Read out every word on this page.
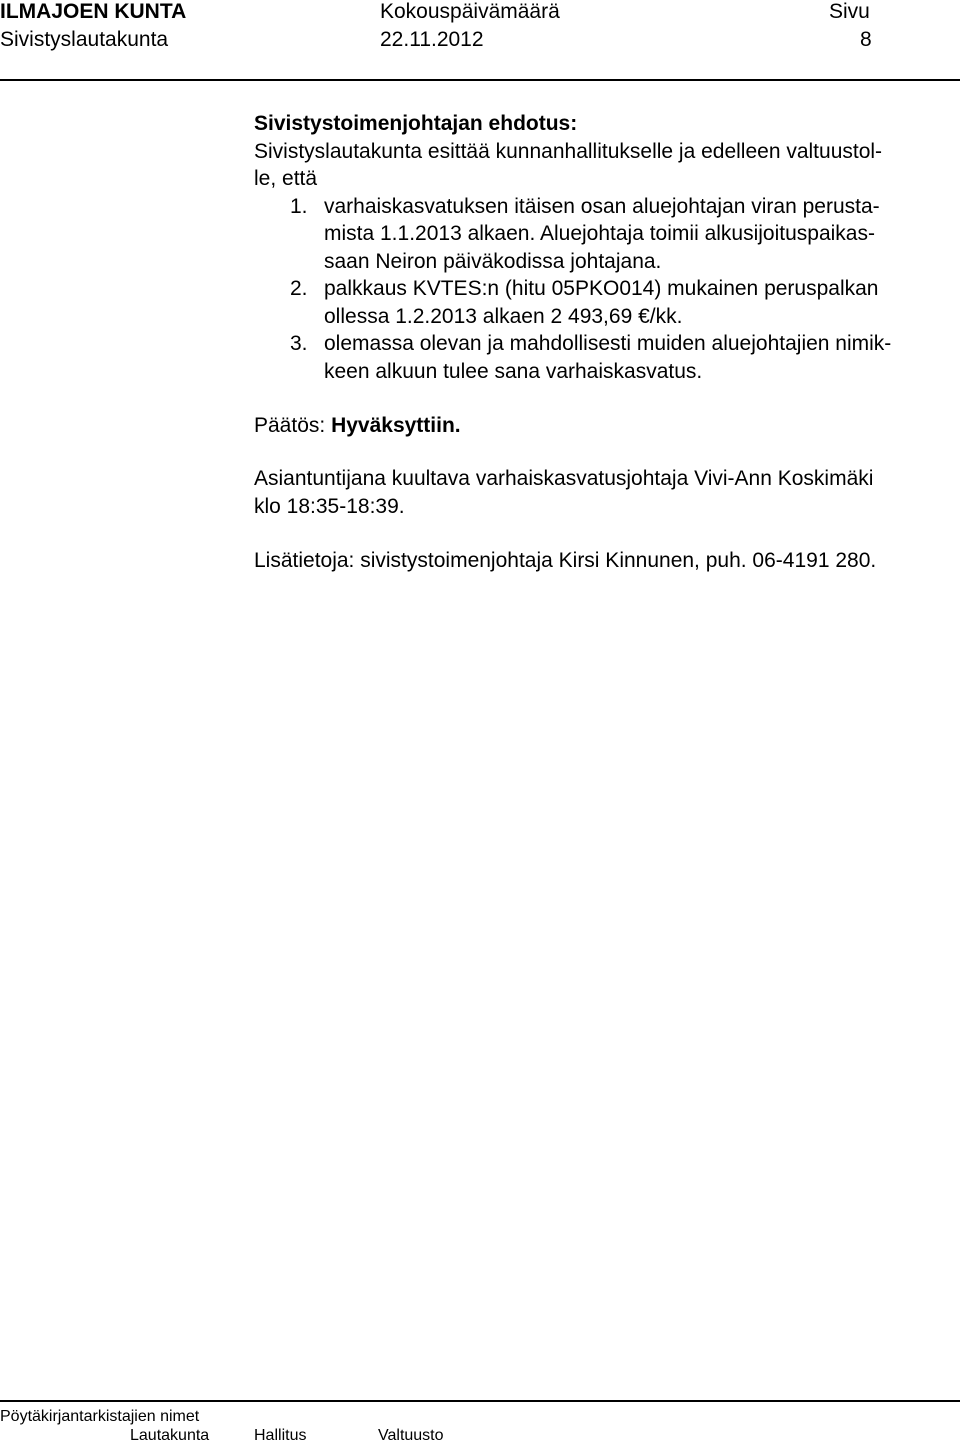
ILMAJOEN KUNTA
Sivistyslautakunta
Kokouspäivämäärä
22.11.2012
Sivu
8
Sivistystoimenjohtajan ehdotus:
Sivistyslautakunta esittää kunnanhallitukselle ja edelleen valtuustol-
le, että
1. varhaiskasvatuksen itäisen osan aluejohtajan viran perusta-
mista 1.1.2013 alkaen. Aluejohtaja toimii alkusijoituspaikas-
saan Neiron päiväkodissa johtajana.
2. palkkaus KVTES:n (hitu 05PKO014) mukainen peruspalkan
ollessa 1.2.2013 alkaen 2 493,69 €/kk.
3. olemassa olevan ja mahdollisesti muiden aluejohtajien nimik-
keen alkuun tulee sana varhaiskasvatus.
Päätös: Hyväksyttiin.
Asiantuntijana kuultava varhaiskasvatusjohtaja Vivi-Ann Koskimäki
klo 18:35-18:39.
Lisätietoja: sivistystoimenjohtaja Kirsi Kinnunen, puh. 06-4191 280.
Pöytäkirjantarkistajien nimet
Lautakunta	Hallitus	Valtuusto
